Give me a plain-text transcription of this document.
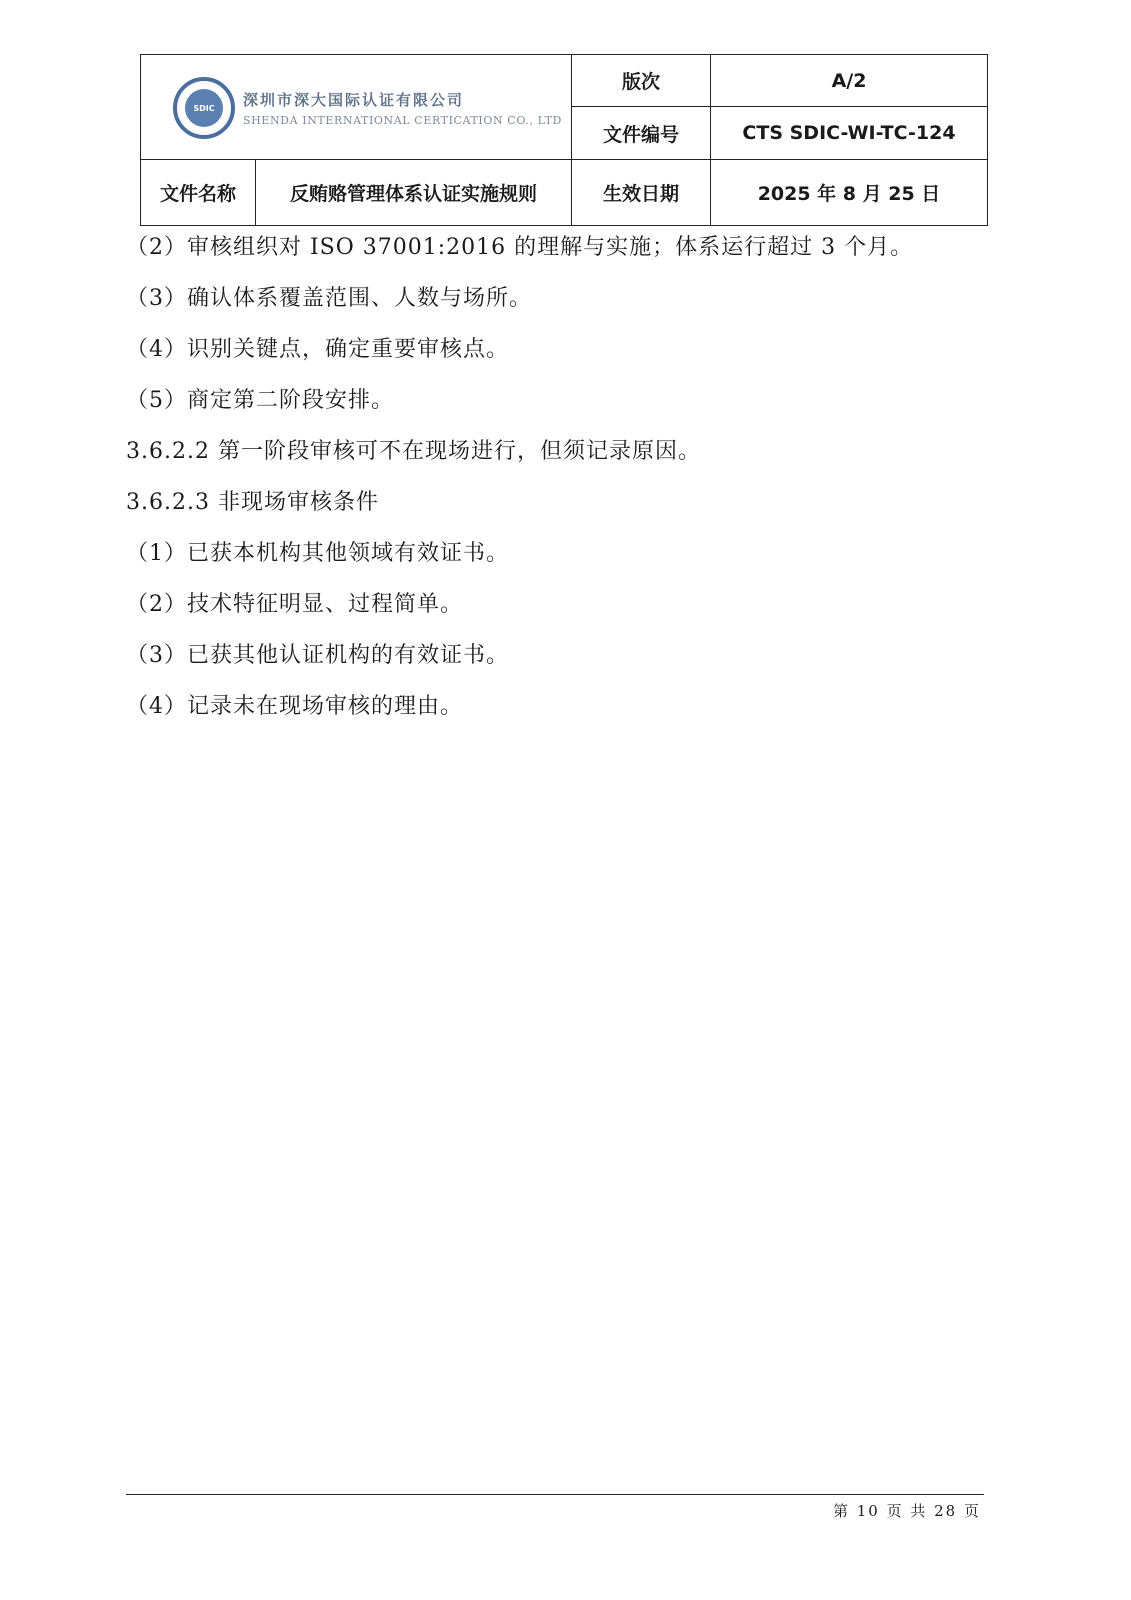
SDIC	深圳市深大国际认证有限公司
SHENDA INTERNATIONAL CERTICATION CO., LTD
版次	A/2
文件编号	CTS SDIC-WI-TC-124
文件名称	反贿赂管理体系认证实施规则	生效日期	2025 年 8 月 25 日

（2）审核组织对 ISO 37001:2016 的理解与实施；体系运行超过 3 个月。

（3）确认体系覆盖范围、人数与场所。

（4）识别关键点，确定重要审核点。

（5）商定第二阶段安排。

3.6.2.2 第一阶段审核可不在现场进行，但须记录原因。

3.6.2.3 非现场审核条件

（1）已获本机构其他领域有效证书。

（2）技术特征明显、过程简单。

（3）已获其他认证机构的有效证书。

（4）记录未在现场审核的理由。

第 10 页 共 28 页
